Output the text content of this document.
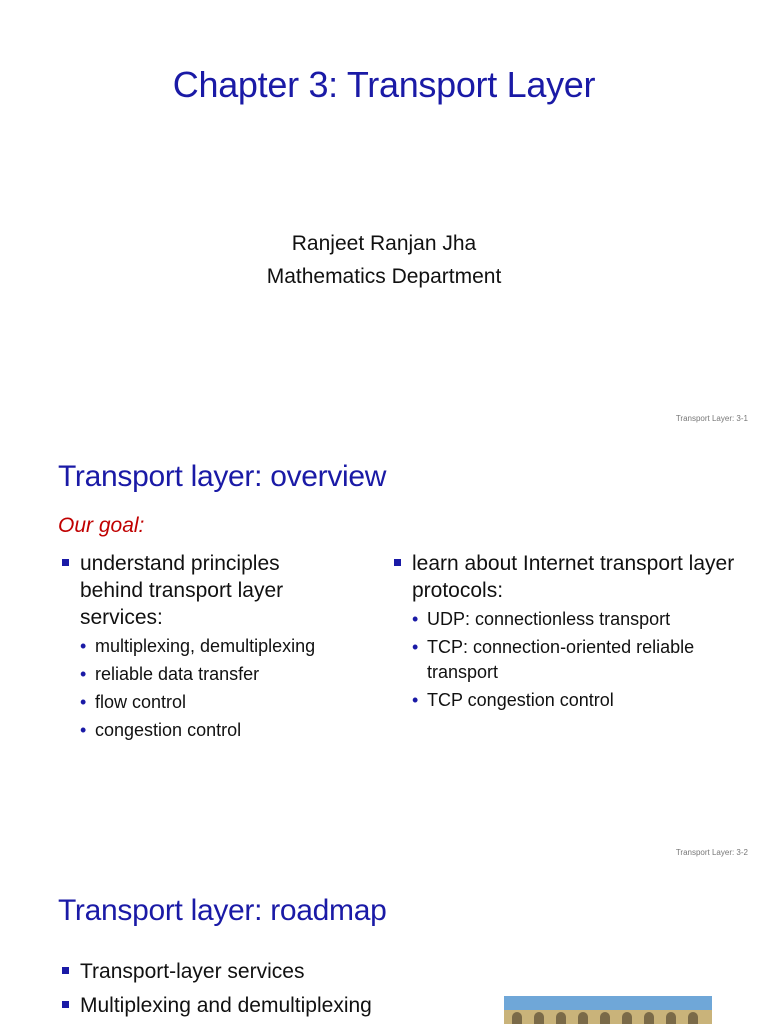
Chapter 3: Transport Layer
Ranjeet Ranjan Jha
Mathematics Department
Transport Layer: 3-1
Transport layer: overview
Our goal:
understand principles behind transport layer services:
• multiplexing, demultiplexing
• reliable data transfer
• flow control
• congestion control
learn about Internet transport layer protocols:
• UDP: connectionless transport
• TCP: connection-oriented reliable transport
• TCP congestion control
Transport Layer: 3-2
Transport layer: roadmap
Transport-layer services
Multiplexing and demultiplexing
